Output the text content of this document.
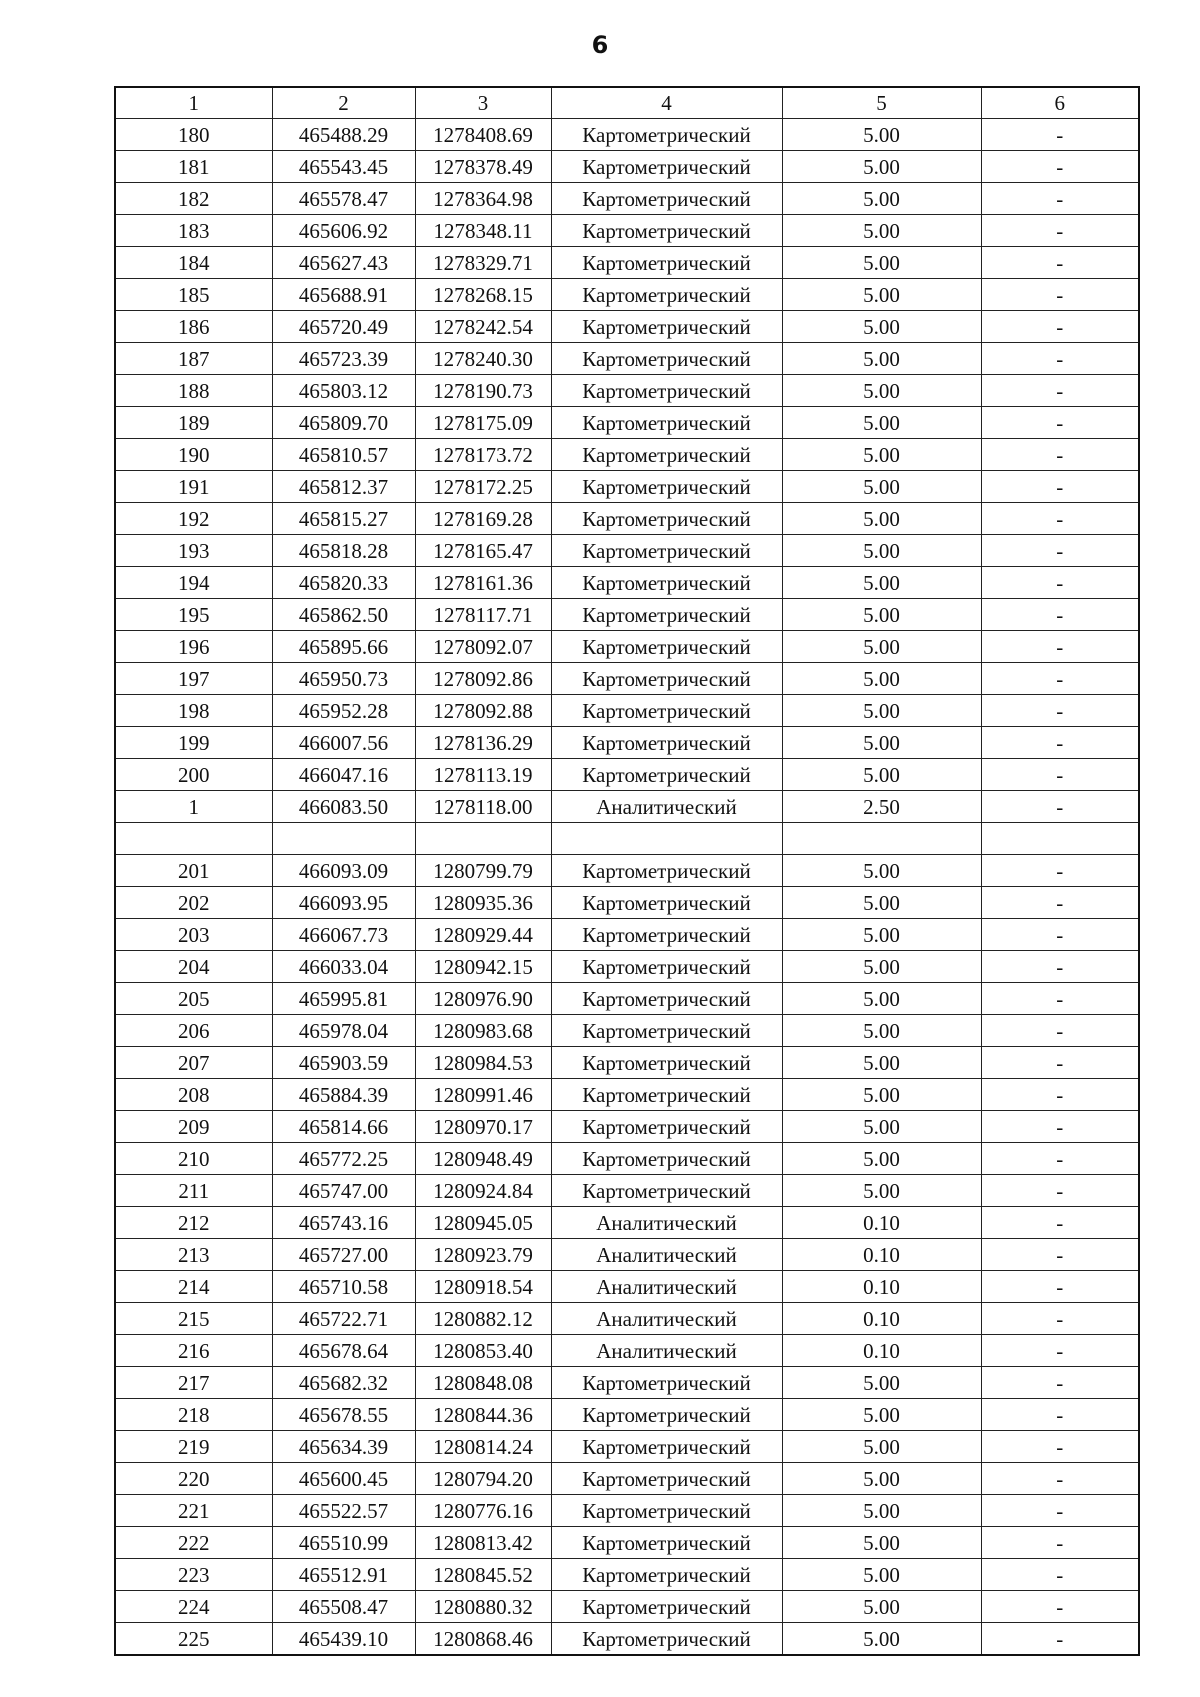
6
1	2	3	4	5	6
180	465488.29	1278408.69	Картометрический	5.00	-
181	465543.45	1278378.49	Картометрический	5.00	-
182	465578.47	1278364.98	Картометрический	5.00	-
183	465606.92	1278348.11	Картометрический	5.00	-
184	465627.43	1278329.71	Картометрический	5.00	-
185	465688.91	1278268.15	Картометрический	5.00	-
186	465720.49	1278242.54	Картометрический	5.00	-
187	465723.39	1278240.30	Картометрический	5.00	-
188	465803.12	1278190.73	Картометрический	5.00	-
189	465809.70	1278175.09	Картометрический	5.00	-
190	465810.57	1278173.72	Картометрический	5.00	-
191	465812.37	1278172.25	Картометрический	5.00	-
192	465815.27	1278169.28	Картометрический	5.00	-
193	465818.28	1278165.47	Картометрический	5.00	-
194	465820.33	1278161.36	Картометрический	5.00	-
195	465862.50	1278117.71	Картометрический	5.00	-
196	465895.66	1278092.07	Картометрический	5.00	-
197	465950.73	1278092.86	Картометрический	5.00	-
198	465952.28	1278092.88	Картометрический	5.00	-
199	466007.56	1278136.29	Картометрический	5.00	-
200	466047.16	1278113.19	Картометрический	5.00	-
1	466083.50	1278118.00	Аналитический	2.50	-

201	466093.09	1280799.79	Картометрический	5.00	-
202	466093.95	1280935.36	Картометрический	5.00	-
203	466067.73	1280929.44	Картометрический	5.00	-
204	466033.04	1280942.15	Картометрический	5.00	-
205	465995.81	1280976.90	Картометрический	5.00	-
206	465978.04	1280983.68	Картометрический	5.00	-
207	465903.59	1280984.53	Картометрический	5.00	-
208	465884.39	1280991.46	Картометрический	5.00	-
209	465814.66	1280970.17	Картометрический	5.00	-
210	465772.25	1280948.49	Картометрический	5.00	-
211	465747.00	1280924.84	Картометрический	5.00	-
212	465743.16	1280945.05	Аналитический	0.10	-
213	465727.00	1280923.79	Аналитический	0.10	-
214	465710.58	1280918.54	Аналитический	0.10	-
215	465722.71	1280882.12	Аналитический	0.10	-
216	465678.64	1280853.40	Аналитический	0.10	-
217	465682.32	1280848.08	Картометрический	5.00	-
218	465678.55	1280844.36	Картометрический	5.00	-
219	465634.39	1280814.24	Картометрический	5.00	-
220	465600.45	1280794.20	Картометрический	5.00	-
221	465522.57	1280776.16	Картометрический	5.00	-
222	465510.99	1280813.42	Картометрический	5.00	-
223	465512.91	1280845.52	Картометрический	5.00	-
224	465508.47	1280880.32	Картометрический	5.00	-
225	465439.10	1280868.46	Картометрический	5.00	-
